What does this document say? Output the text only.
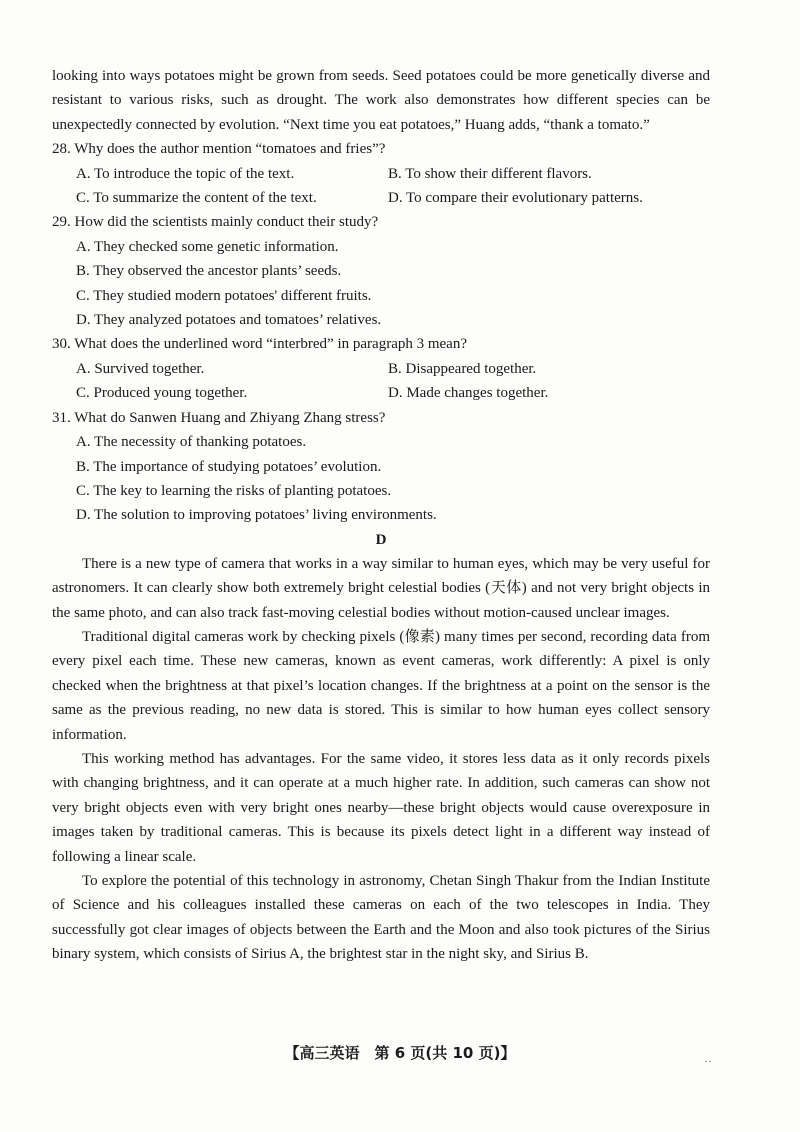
looking into ways potatoes might be grown from seeds. Seed potatoes could be more genetically diverse and resistant to various risks, such as drought. The work also demonstrates how different species can be unexpectedly connected by evolution. “Next time you eat potatoes,” Huang adds, “thank a tomato.”

28. Why does the author mention “tomatoes and fries”?

A. To introduce the topic of the text.	B. To show their different flavors.
C. To summarize the content of the text.	D. To compare their evolutionary patterns.

29. How did the scientists mainly conduct their study?

A. They checked some genetic information.
B. They observed the ancestor plants’ seeds.
C. They studied modern potatoes' different fruits.
D. They analyzed potatoes and tomatoes’ relatives.

30. What does the underlined word “interbred” in paragraph 3 mean?

A. Survived together.	B. Disappeared together.
C. Produced young together.	D. Made changes together.

31. What do Sanwen Huang and Zhiyang Zhang stress?

A. The necessity of thanking potatoes.
B. The importance of studying potatoes’ evolution.
C. The key to learning the risks of planting potatoes.
D. The solution to improving potatoes’ living environments.

D

There is a new type of camera that works in a way similar to human eyes, which may be very useful for astronomers. It can clearly show both extremely bright celestial bodies (天体) and not very bright objects in the same photo, and can also track fast-moving celestial bodies without motion-caused unclear images.

Traditional digital cameras work by checking pixels (像素) many times per second, recording data from every pixel each time. These new cameras, known as event cameras, work differently: A pixel is only checked when the brightness at that pixel’s location changes. If the brightness at a point on the sensor is the same as the previous reading, no new data is stored. This is similar to how human eyes collect sensory information.

This working method has advantages. For the same video, it stores less data as it only records pixels with changing brightness, and it can operate at a much higher rate. In addition, such cameras can show not very bright objects even with very bright ones nearby—these bright objects would cause overexposure in images taken by traditional cameras. This is because its pixels detect light in a different way instead of following a linear scale.

To explore the potential of this technology in astronomy, Chetan Singh Thakur from the Indian Institute of Science and his colleagues installed these cameras on each of the two telescopes in India. They successfully got clear images of objects between the Earth and the Moon and also took pictures of the Sirius binary system, which consists of Sirius A, the brightest star in the night sky, and Sirius B.

【高三英语　第 6 页(共 10 页)】	··
